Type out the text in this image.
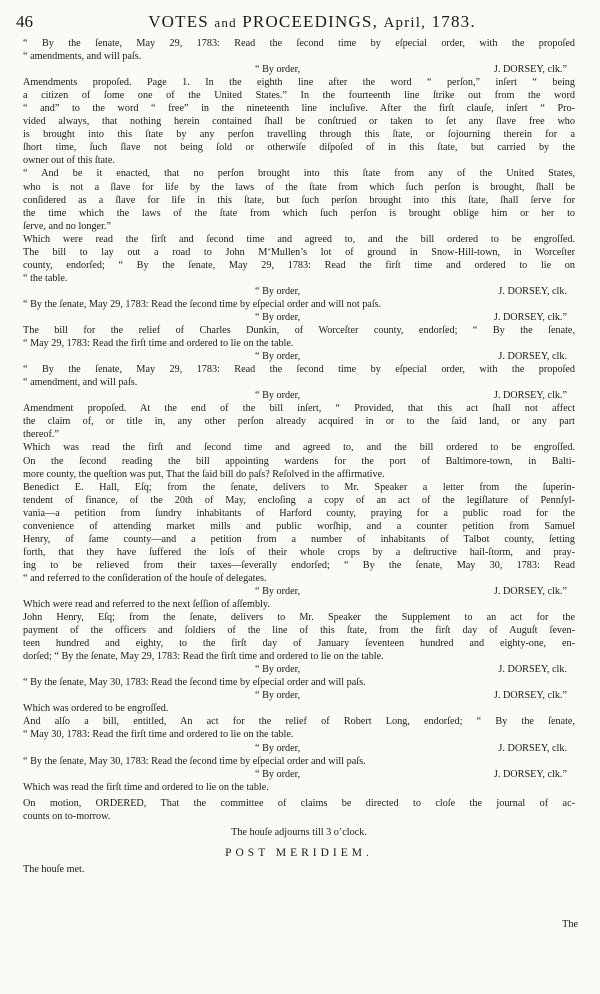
46	VOTES and PROCEEDINGS, April, 1783.
“ By the ſenate, May 29, 1783: Read the ſecond time by eſpecial order, with the propoſed
“ amendments, and will paſs.
“ By order,	J. DORSEY, clk.”
Amendments propoſed. Page 1. In the eighth line after the word “ perſon,” inſert “ being
a citizen of ſome one of the United States.” In the fourteenth line ſtrike out from the word
“ and” to the word “ free” in the nineteenth line incluſive. After the firſt clauſe, inſert “ Pro-
vided always, that nothing herein contained ſhall be conſtrued or taken to ſet any ſlave free who
is brought into this ſtate by any perſon travelling through this ſtate, or ſojourning therein for a
ſhort time, ſuch ſlave not being ſold or otherwiſe diſpoſed of in this ſtate, but carried by the
owner out of this ſtate.
“ And be it enacted, that no perſon brought into this ſtate from any of the United States,
who is not a ſlave for life by the laws of the ſtate from which ſuch perſon is brought, ſhall be
conſidered as a ſlave for life in this ſtate, but ſuch perſon brought into this ſtate, ſhall ſerve for
the time which the laws of the ſtate from which ſuch perſon is brought oblige him or her to
ſerve, and no longer.”
Which were read the firſt and ſecond time and agreed to, and the bill ordered to be engroſſed.
The bill to lay out a road to John M‘Mullen’s lot of ground in Snow-Hill-town, in Worceſter
county, endorſed; “ By the ſenate, May 29, 1783: Read the firſt time and ordered to lie on
“ the table.
“ By order,	J. DORSEY, clk.
“ By the ſenate, May 29, 1783: Read the ſecond time by eſpecial order and will not paſs.
“ By order,	J. DORSEY, clk.”
The bill for the relief of Charles Dunkin, of Worceſter county, endorſed; “ By the ſenate,
“ May 29, 1783: Read the firſt time and ordered to lie on the table.
“ By order,	J. DORSEY, clk.
“ By the ſenate, May 29, 1783: Read the ſecond time by eſpecial order, with the propoſed
“ amendment, and will paſs.
“ By order,	J. DORSEY, clk.”
Amendment propoſed. At the end of the bill inſert, “ Provided, that this act ſhall not affect
the claim of, or title in, any other perſon already acquired in or to the ſaid land, or any part
thereof.”
Which was read the firſt and ſecond time and agreed to, and the bill ordered to be engroſſed.
On the ſecond reading the bill appointing wardens for the port of Baltimore-town, in Balti-
more county, the queſtion was put, That the ſaid bill do paſs? Reſolved in the affirmative.
Benedict E. Hall, Eſq; from the ſenate, delivers to Mr. Speaker a letter from the ſuperin-
tendent of finance, of the 20th of May, encloſing a copy of an act of the legiſlature of Pennſyl-
vania—a petition from ſundry inhabitants of Harford county, praying for a public road for the
convenience of attending market mills and public worſhip, and a counter petition from Samuel
Henry, of ſame county—and a petition from a number of inhabitants of Talbot county, ſetting
forth, that they have ſuffered the loſs of their whole crops by a deſtructive hail-ſtorm, and pray-
ing to be relieved from their taxes—ſeverally endorſed; “ By the ſenate, May 30, 1783: Read
“ and referred to the conſideration of the houſe of delegates.
“ By order,	J. DORSEY, clk.”
Which were read and referred to the next ſeſſion of aſſembly.
John Henry, Eſq; from the ſenate, delivers to Mr. Speaker the Supplement to an act for the
payment of the officers and ſoldiers of the line of this ſtate, from the firſt day of Auguſt ſeven-
teen hundred and eighty, to the firſt day of January ſeventeen hundred and eighty-one, en-
dorſed; “ By the ſenate, May 29, 1783: Read the firſt time and ordered to lie on the table.
“ By order,	J. DORSEY, clk.
“ By the ſenate, May 30, 1783: Read the ſecond time by eſpecial order and will paſs.
“ By order,	J. DORSEY, clk.”
Which was ordered to be engroſſed.
And alſo a bill, entitled, An act for the relief of Robert Long, endorſed; “ By the ſenate,
“ May 30, 1783: Read the firſt time and ordered to lie on the table.
“ By order,	J. DORSEY, clk.
“ By the ſenate, May 30, 1783: Read the ſecond time by eſpecial order and will paſs.
“ By order,	J. DORSEY, clk.”
Which was read the firſt time and ordered to lie on the table.
On motion, ORDERED, That the committee of claims be directed to cloſe the journal of ac-
counts on to-morrow.
The houſe adjourns till 3 o’clock.
POST MERIDIEM.
The houſe met.
The
